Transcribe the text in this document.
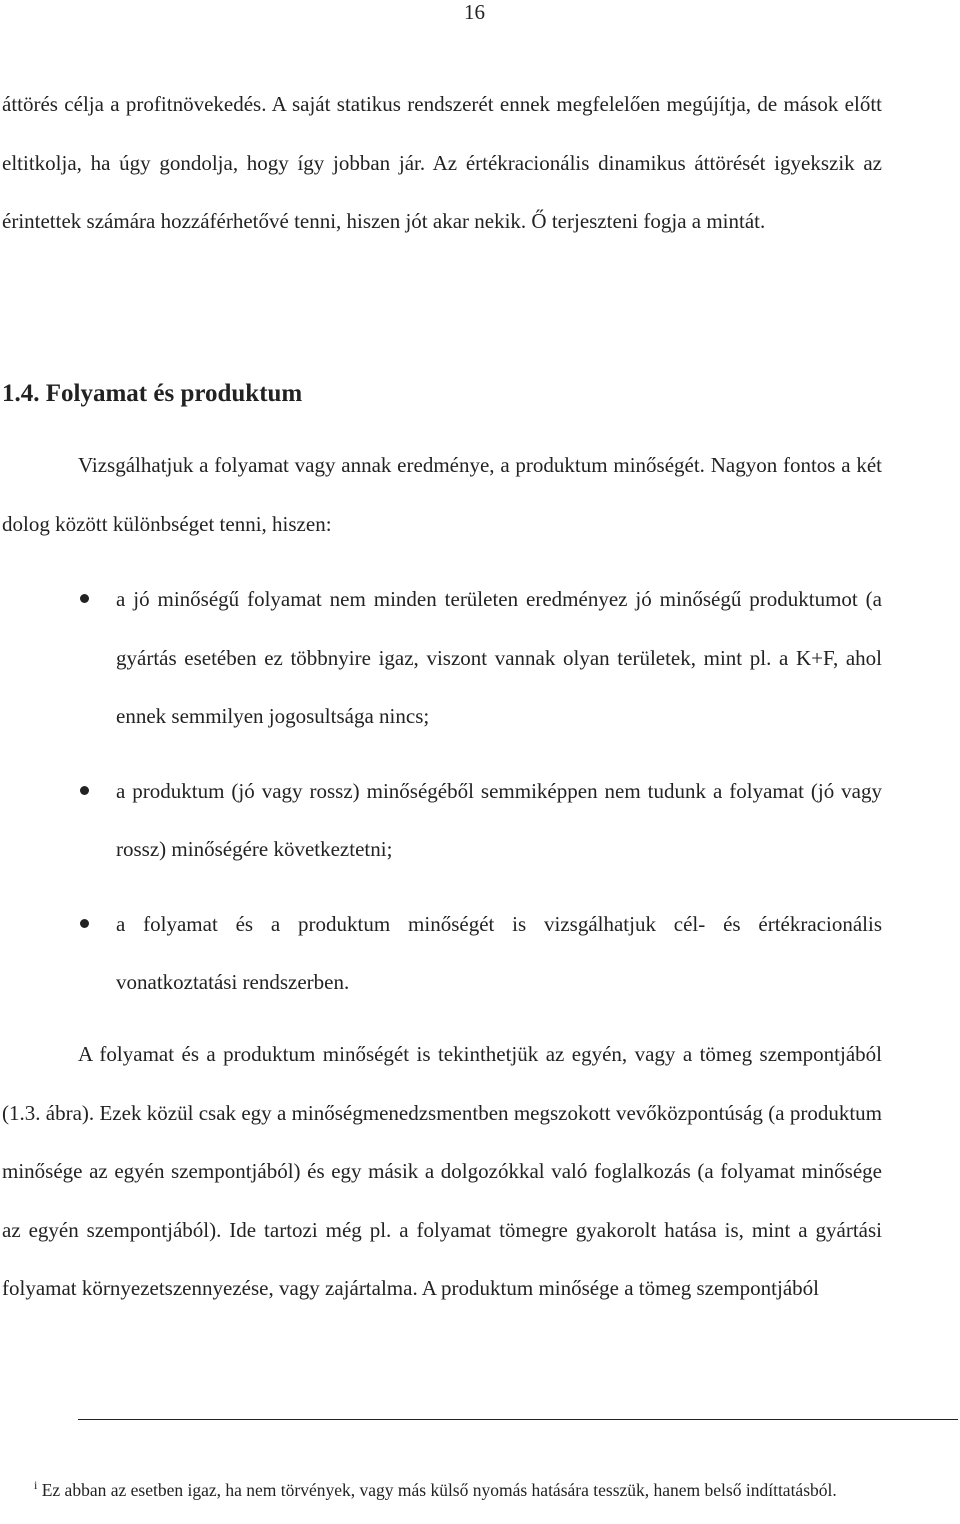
16

áttörés célja a profitnövekedés. A saját statikus rendszerét ennek megfelelően megújítja, de mások előtt eltitkolja, ha úgy gondolja, hogy így jobban jár. Az értékracionális dinamikus áttörését igyekszik az érintettek számára hozzáférhetővé tenni, hiszen jót akar nekik. Ő terjeszteni fogja a mintát.

1.4. Folyamat és produktum

Vizsgálhatjuk a folyamat vagy annak eredménye, a produktum minőségét. Nagyon fontos a két dolog között különbséget tenni, hiszen:

a jó minőségű folyamat nem minden területen eredményez jó minőségű produktumot (a gyártás esetében ez többnyire igaz, viszont vannak olyan területek, mint pl. a K+F, ahol ennek semmilyen jogosultsága nincs;
a produktum (jó vagy rossz) minőségéből semmiképpen nem tudunk a folyamat (jó vagy rossz) minőségére következtetni;
a folyamat és a produktum minőségét is vizsgálhatjuk cél- és értékracionális vonatkoztatási rendszerben.

A folyamat és a produktum minőségét is tekinthetjük az egyén, vagy a tömeg szempontjából (1.3. ábra). Ezek közül csak egy a minőségmenedzsmentben megszokott vevőközpontúság (a produktum minősége az egyén szempontjából) és egy másik a dolgozókkal való foglalkozás (a folyamat minősége az egyén szempontjából). Ide tartozi még pl. a folyamat tömegre gyakorolt hatása is, mint a gyártási folyamat környezetszennyezése, vagy zajártalma. A produktum minősége a tömeg szempontjából

$^i$ Ez abban az esetben igaz, ha nem törvények, vagy más külső nyomás hatására tesszük, hanem belső indíttatásból.
